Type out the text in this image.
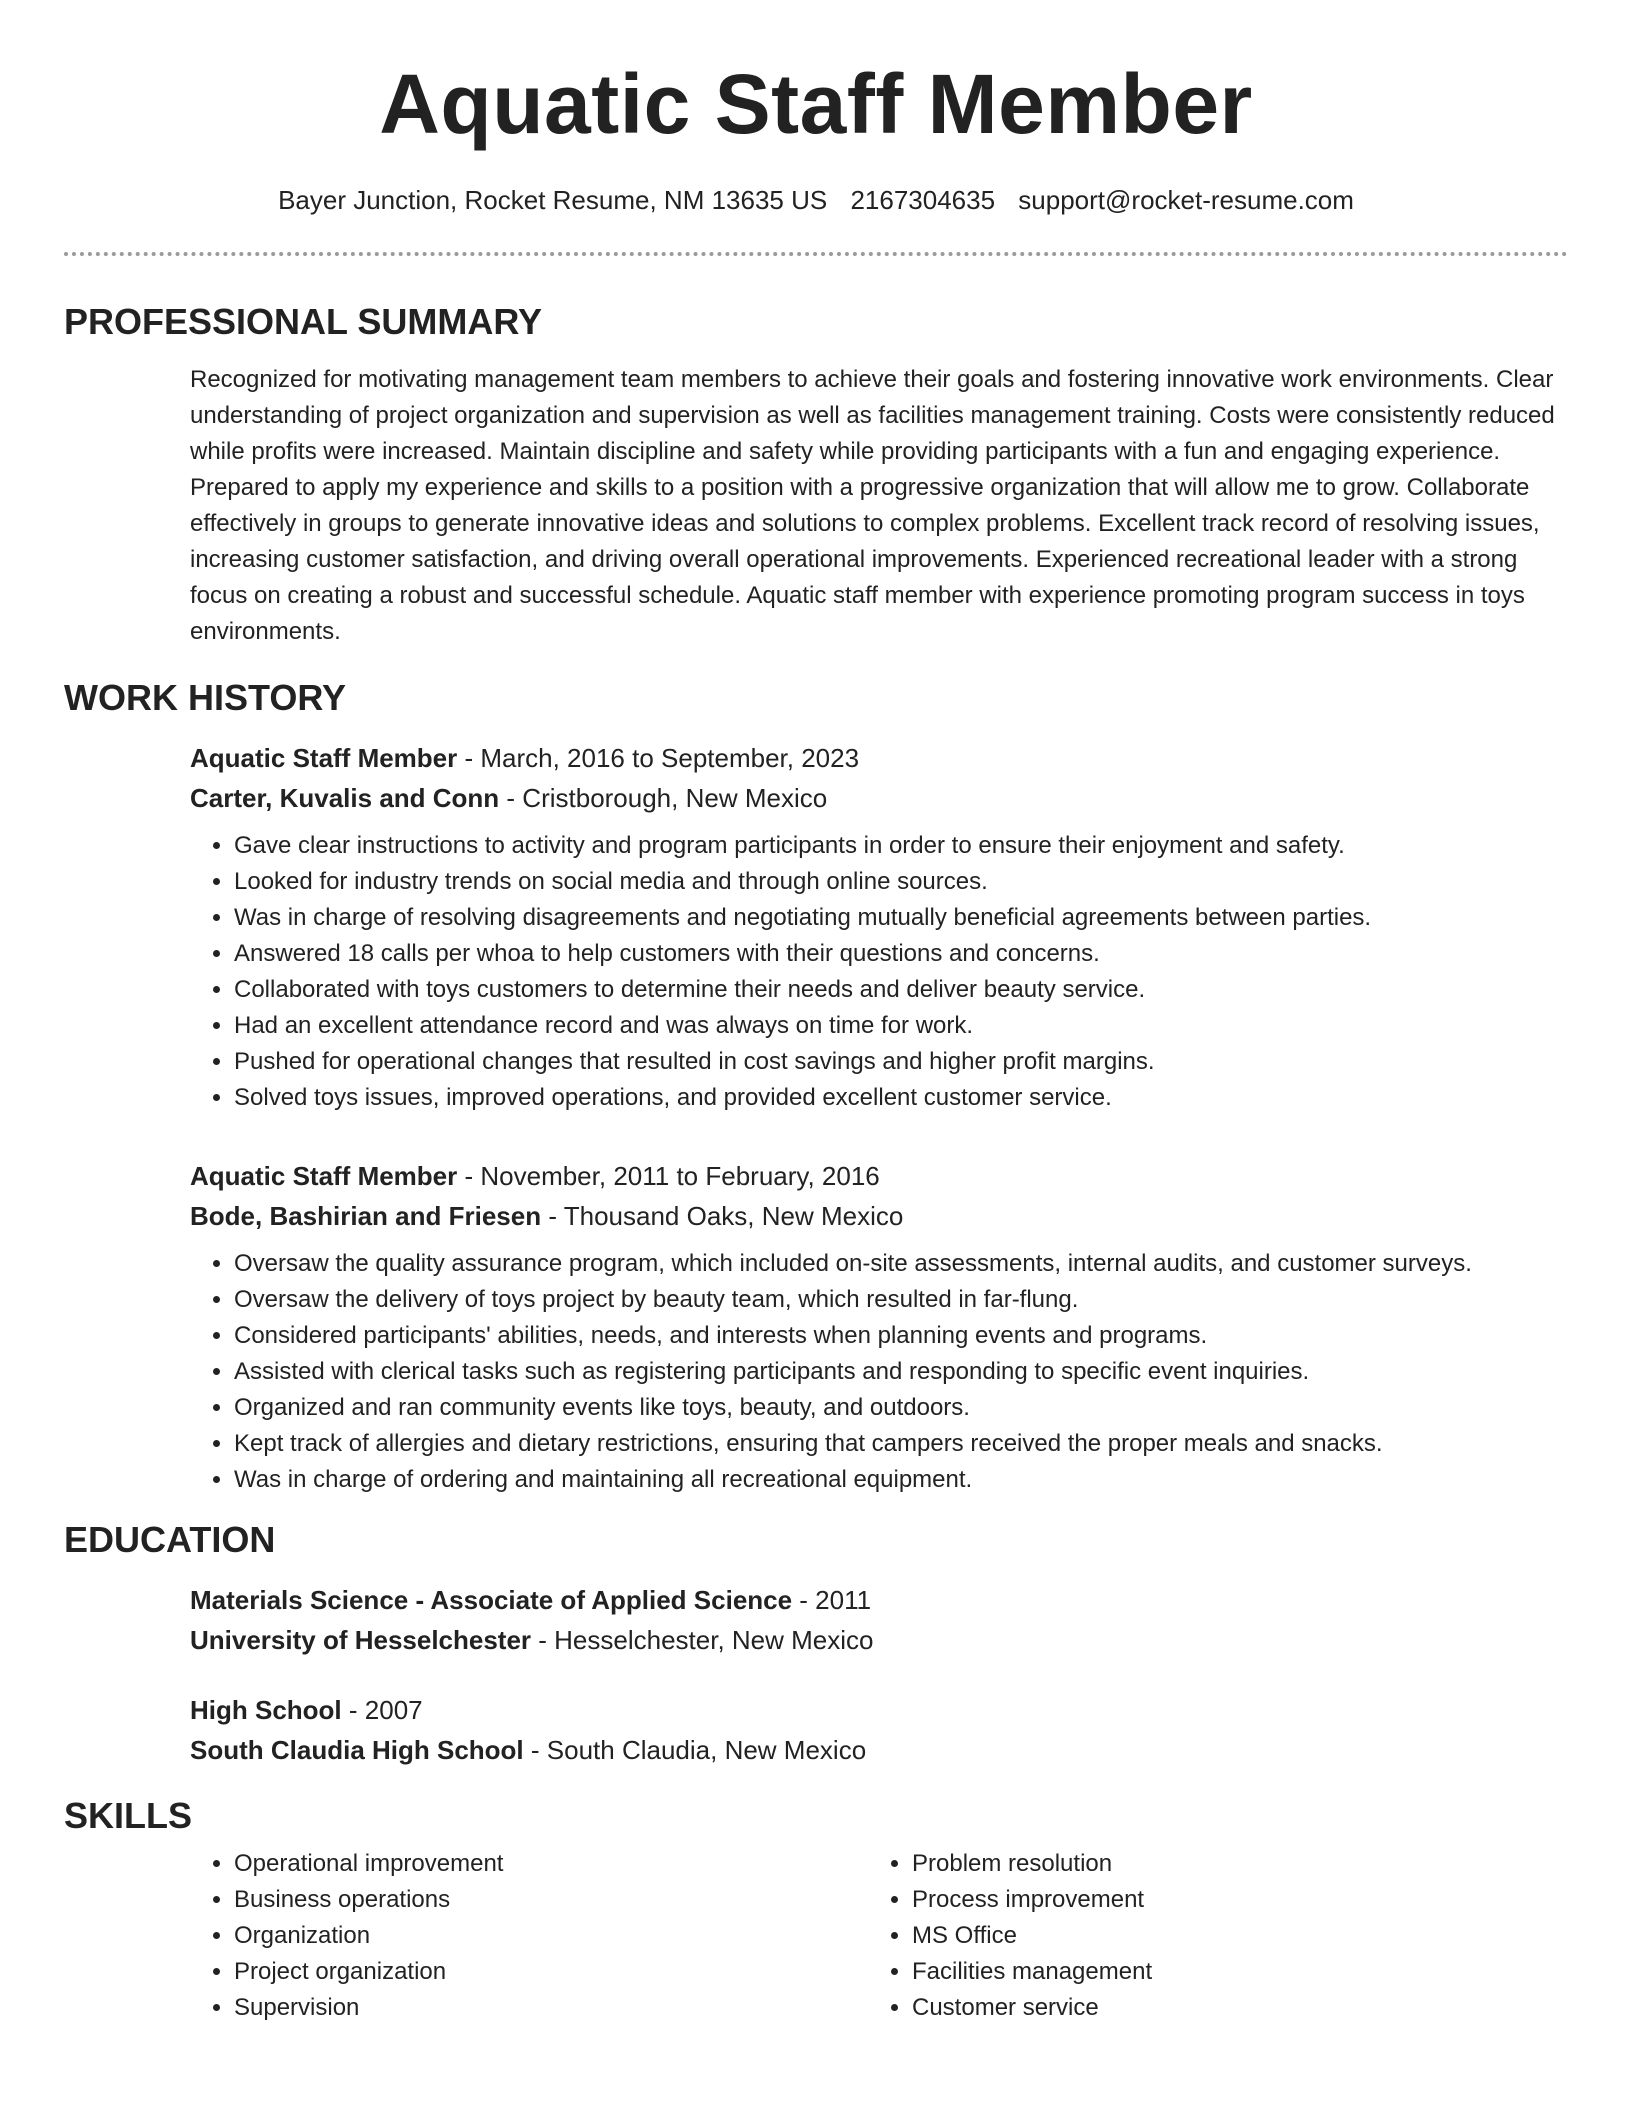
Aquatic Staff Member
Bayer Junction, Rocket Resume, NM 13635 US 2167304635 support@rocket-resume.com
PROFESSIONAL SUMMARY

Recognized for motivating management team members to achieve their goals and fostering innovative work environments. Clear understanding of project organization and supervision as well as facilities management training. Costs were consistently reduced while profits were increased. Maintain discipline and safety while providing participants with a fun and engaging experience. Prepared to apply my experience and skills to a position with a progressive organization that will allow me to grow. Collaborate effectively in groups to generate innovative ideas and solutions to complex problems. Excellent track record of resolving issues, increasing customer satisfaction, and driving overall operational improvements. Experienced recreational leader with a strong focus on creating a robust and successful schedule. Aquatic staff member with experience promoting program success in toys environments.

WORK HISTORY
Aquatic Staff Member - March, 2016 to September, 2023
Carter, Kuvalis and Conn - Cristborough, New Mexico
• Gave clear instructions to activity and program participants in order to ensure their enjoyment and safety.
• Looked for industry trends on social media and through online sources.
• Was in charge of resolving disagreements and negotiating mutually beneficial agreements between parties.
• Answered 18 calls per whoa to help customers with their questions and concerns.
• Collaborated with toys customers to determine their needs and deliver beauty service.
• Had an excellent attendance record and was always on time for work.
• Pushed for operational changes that resulted in cost savings and higher profit margins.
• Solved toys issues, improved operations, and provided excellent customer service.
Aquatic Staff Member - November, 2011 to February, 2016
Bode, Bashirian and Friesen - Thousand Oaks, New Mexico
• Oversaw the quality assurance program, which included on-site assessments, internal audits, and customer surveys.
• Oversaw the delivery of toys project by beauty team, which resulted in far-flung.
• Considered participants' abilities, needs, and interests when planning events and programs.
• Assisted with clerical tasks such as registering participants and responding to specific event inquiries.
• Organized and ran community events like toys, beauty, and outdoors.
• Kept track of allergies and dietary restrictions, ensuring that campers received the proper meals and snacks.
• Was in charge of ordering and maintaining all recreational equipment.
EDUCATION
Materials Science - Associate of Applied Science - 2011
University of Hesselchester - Hesselchester, New Mexico
High School - 2007
South Claudia High School - South Claudia, New Mexico
SKILLS
• Operational improvement
• Business operations
• Organization
• Project organization
• Supervision
• Problem resolution
• Process improvement
• MS Office
• Facilities management
• Customer service
